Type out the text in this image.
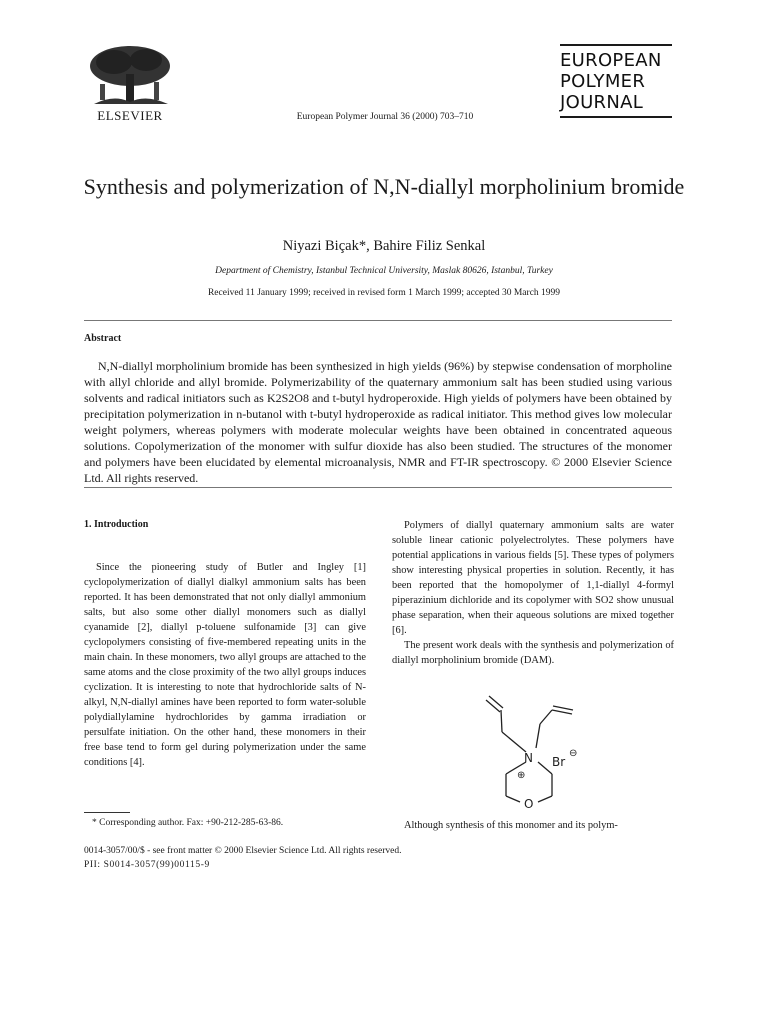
ELSEVIER	European Polymer Journal 36 (2000) 703–710
EUROPEAN
POLYMER
JOURNAL
Synthesis and polymerization of N,N-diallyl morpholinium bromide
Niyazi Biçak*, Bahire Filiz Senkal
Department of Chemistry, Istanbul Technical University, Maslak 80626, Istanbul, Turkey
Received 11 January 1999; received in revised form 1 March 1999; accepted 30 March 1999
Abstract
N,N-diallyl morpholinium bromide has been synthesized in high yields (96%) by stepwise condensation of morpholine with allyl chloride and allyl bromide. Polymerizability of the quaternary ammonium salt has been studied using various solvents and radical initiators such as K2S2O8 and t-butyl hydroperoxide. High yields of polymers have been obtained by precipitation polymerization in n-butanol with t-butyl hydroperoxide as radical initiator. This method gives low molecular weight polymers, whereas polymers with moderate molecular weights have been obtained in concentrated aqueous solutions. Copolymerization of the monomer with sulfur dioxide has also been studied. The structures of the monomer and polymers have been elucidated by elemental microanalysis, NMR and FT-IR spectroscopy. © 2000 Elsevier Science Ltd. All rights reserved.
1. Introduction

Since the pioneering study of Butler and Ingley [1] cyclopolymerization of diallyl dialkyl ammonium salts has been reported. It has been demonstrated that not only diallyl ammonium salts, but also some other diallyl monomers such as diallyl cyanamide [2], diallyl p-toluene sulfonamide [3] can give cyclopolymers consisting of five-membered repeating units in the main chain. In these monomers, two allyl groups are attached to the same atoms and the close proximity of the two allyl groups induces cyclization. It is interesting to note that hydrochloride salts of N-alkyl, N,N-diallyl amines have been reported to form water-soluble polydiallylamine hydrochlorides by gamma irradiation or persulfate initiation. On the other hand, these monomers in their free base tend to form gel during polymerization under the same conditions [4].

Polymers of diallyl quaternary ammonium salts are water soluble linear cationic polyelectrolytes. These polymers have potential applications in various fields [5]. These types of polymers show interesting physical properties in solution. Recently, it has been reported that the homopolymer of 1,1-diallyl 4-formyl piperazinium dichloride and its copolymer with SO2 show unusual phase separation, when their aqueous solutions are mixed together [6].

The present work deals with the synthesis and polymerization of diallyl morpholinium bromide (DAM).

N
⊕
Br
⊖
O
* Corresponding author. Fax: +90-212-285-63-86.	Although synthesis of this monomer and its polym-
0014-3057/00/$ - see front matter © 2000 Elsevier Science Ltd. All rights reserved.
PII: S0014-3057(99)00115-9
